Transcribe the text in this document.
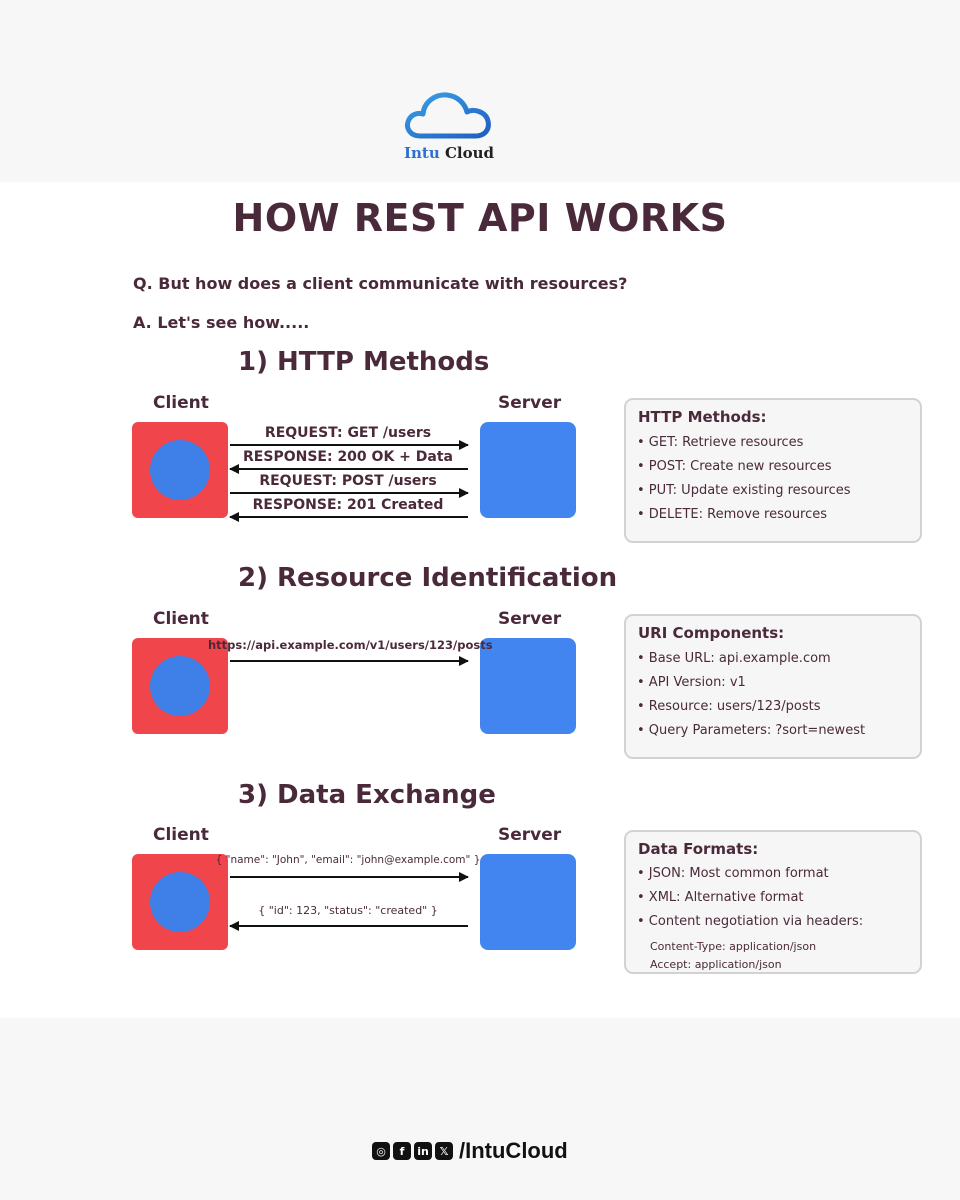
Intu Cloud
HOW REST API WORKS
Q. But how does a client communicate with resources?
A. Let's see how.....
1) HTTP Methods
Client	Server
REQUEST: GET /users
RESPONSE: 200 OK + Data
REQUEST: POST /users
RESPONSE: 201 Created
HTTP Methods:
• GET: Retrieve resources
• POST: Create new resources
• PUT: Update existing resources
• DELETE: Remove resources
2) Resource Identification
Client	Server
https://api.example.com/v1/users/123/posts
URI Components:
• Base URL: api.example.com
• API Version: v1
• Resource: users/123/posts
• Query Parameters: ?sort=newest
3) Data Exchange
Client	Server
{ "name": "John", "email": "john@example.com" }
{ "id": 123, "status": "created" }
Data Formats:
• JSON: Most common format
• XML: Alternative format
• Content negotiation via headers:
Content-Type: application/json
Accept: application/json
◎	f	in 𝕏 /IntuCloud
